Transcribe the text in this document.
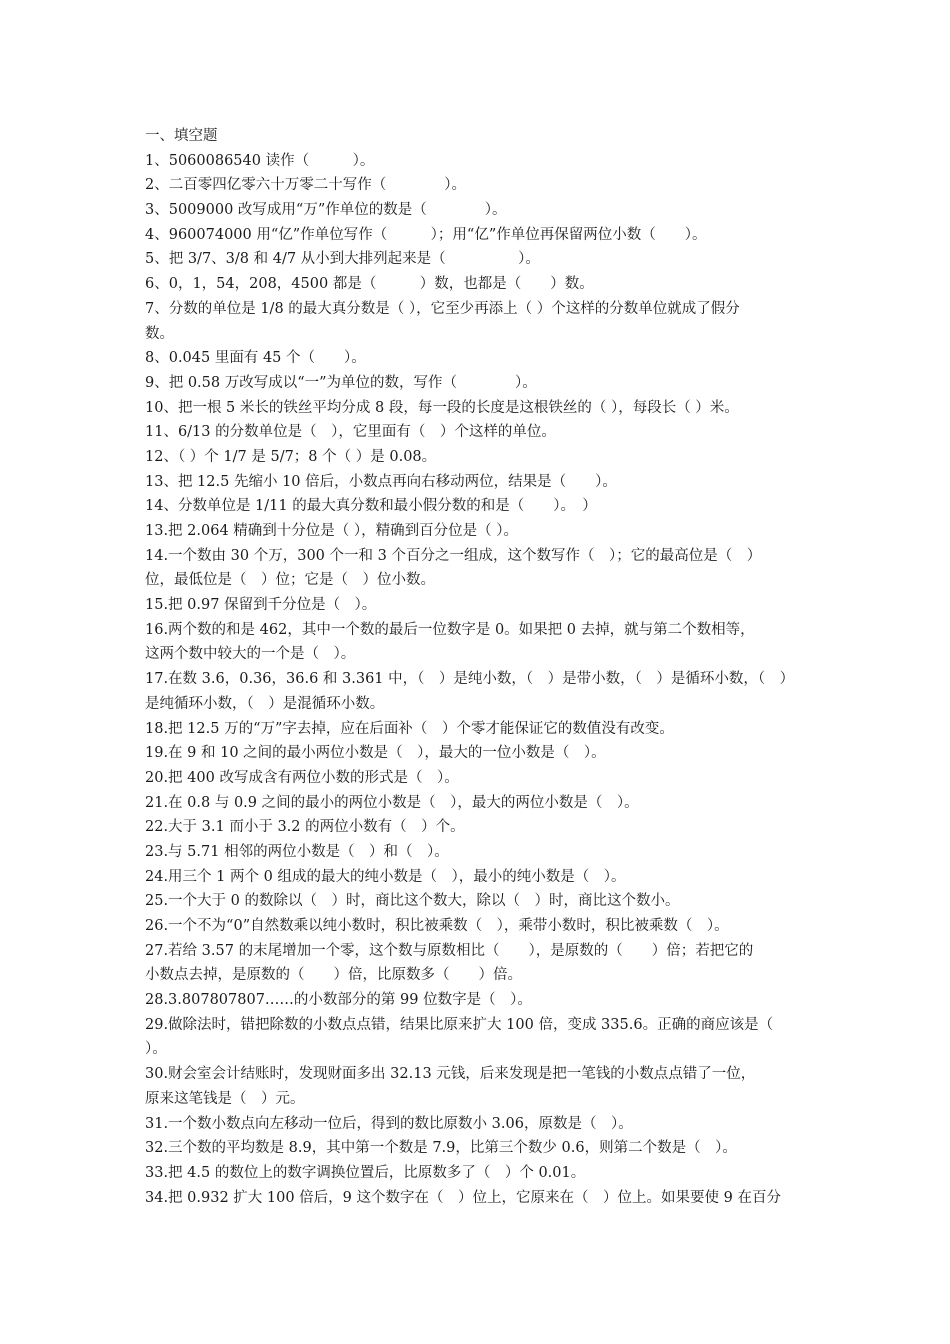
一、填空题
1、5060086540 读作（　　　）。
2、二百零四亿零六十万零二十写作（　　　　）。
3、5009000 改写成用“万”作单位的数是（　　　　）。
4、960074000 用“亿”作单位写作（　　　）；用“亿”作单位再保留两位小数（　　）。
5、把 3/7、3/8 和 4/7 从小到大排列起来是（　　　　　）。
6、0，1，54，208，4500 都是（　　　）数，也都是（　　）数。
7、分数的单位是 1/8 的最大真分数是（ ），它至少再添上（ ）个这样的分数单位就成了假分
数。
8、0.045 里面有 45 个（　　）。
9、把 0.58 万改写成以“一”为单位的数，写作（　　　　）。
10、把一根 5 米长的铁丝平均分成 8 段，每一段的长度是这根铁丝的（ ），每段长（ ）米。
11、6/13 的分数单位是（　），它里面有（　）个这样的单位。
12、（ ）个 1/7 是 5/7；8 个（ ）是 0.08。
13、把 12.5 先缩小 10 倍后，小数点再向右移动两位，结果是（　　）。
14、分数单位是 1/11 的最大真分数和最小假分数的和是（　　）。　）
13.把 2.064 精确到十分位是（ ），精确到百分位是（ ）。
14.一个数由 30 个万，300 个一和 3 个百分之一组成，这个数写作（　）；它的最高位是（　）
位，最低位是（　）位；它是（　）位小数。
15.把 0.97 保留到千分位是（　）。
16.两个数的和是 462，其中一个数的最后一位数字是 0。如果把 0 去掉，就与第二个数相等，
这两个数中较大的一个是（　）。
17.在数 3.6，0.36，36.6 和 3.361 中，（　）是纯小数，（　）是带小数，（　）是循环小数，（　）
是纯循环小数，（　）是混循环小数。
18.把 12.5 万的“万”字去掉，应在后面补（　）个零才能保证它的数值没有改变。
19.在 9 和 10 之间的最小两位小数是（　），最大的一位小数是（　）。
20.把 400 改写成含有两位小数的形式是（　）。
21.在 0.8 与 0.9 之间的最小的两位小数是（　），最大的两位小数是（　）。
22.大于 3.1 而小于 3.2 的两位小数有（　）个。
23.与 5.71 相邻的两位小数是（　）和（　）。
24.用三个 1 两个 0 组成的最大的纯小数是（　），最小的纯小数是（　）。
25.一个大于 0 的数除以（　）时，商比这个数大，除以（　）时，商比这个数小。
26.一个不为“0”自然数乘以纯小数时，积比被乘数（　），乘带小数时，积比被乘数（　）。
27.若给 3.57 的末尾增加一个零，这个数与原数相比（　　），是原数的（　　）倍；若把它的
小数点去掉，是原数的（　　）倍，比原数多（　　）倍。
28.3.807807807……的小数部分的第 99 位数字是（　）。
29.做除法时，错把除数的小数点点错，结果比原来扩大 100 倍，变成 335.6。正确的商应该是（
）。
30.财会室会计结账时，发现财面多出 32.13 元钱，后来发现是把一笔钱的小数点点错了一位，
原来这笔钱是（　）元。
31.一个数小数点向左移动一位后，得到的数比原数小 3.06，原数是（　）。
32.三个数的平均数是 8.9，其中第一个数是 7.9，比第三个数少 0.6，则第二个数是（　）。
33.把 4.5 的数位上的数字调换位置后，比原数多了（　）个 0.01。
34.把 0.932 扩大 100 倍后，9 这个数字在（　）位上，它原来在（　）位上。如果要使 9 在百分
